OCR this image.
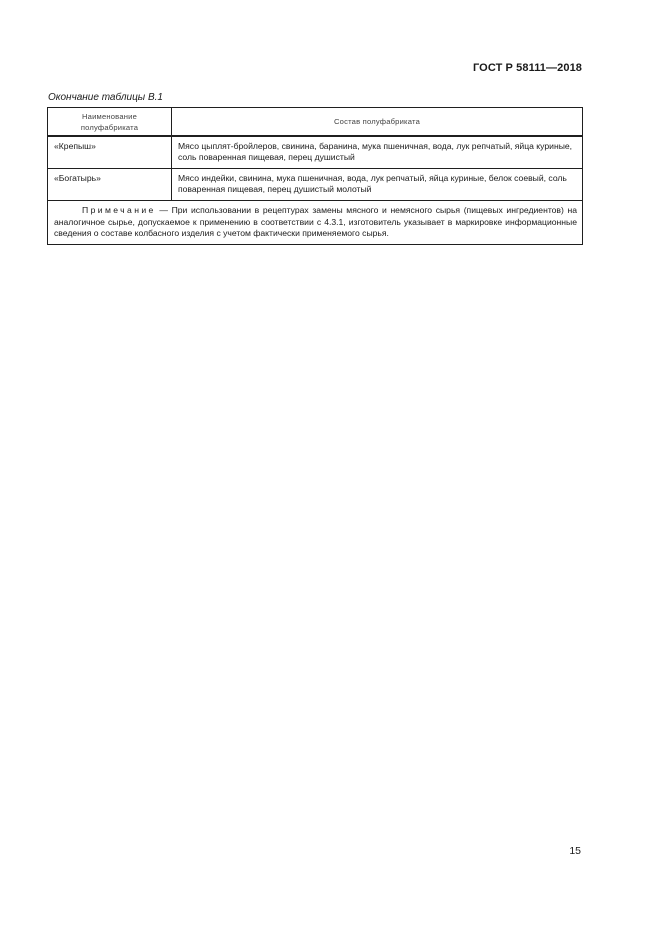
ГОСТ Р 58111—2018
Окончание таблицы В.1
Наименование
полуфабриката	Состав полуфабриката
«Крепыш»	Мясо цыплят-бройлеров, свинина, баранина, мука пшеничная, вода, лук репчатый, яйца куриные, соль поваренная пищевая, перец душистый
«Богатырь»	Мясо индейки, свинина, мука пшеничная, вода, лук репчатый, яйца куриные, белок соевый, соль поваренная пищевая, перец душистый молотый
Примечание — При использовании в рецептурах замены мясного и немясного сырья (пищевых ингредиентов) на аналогичное сырье, допускаемое к применению в соответствии с 4.3.1, изготовитель указывает в маркировке информационные сведения о составе колбасного изделия с учетом фактически применяемого сырья.	
15
